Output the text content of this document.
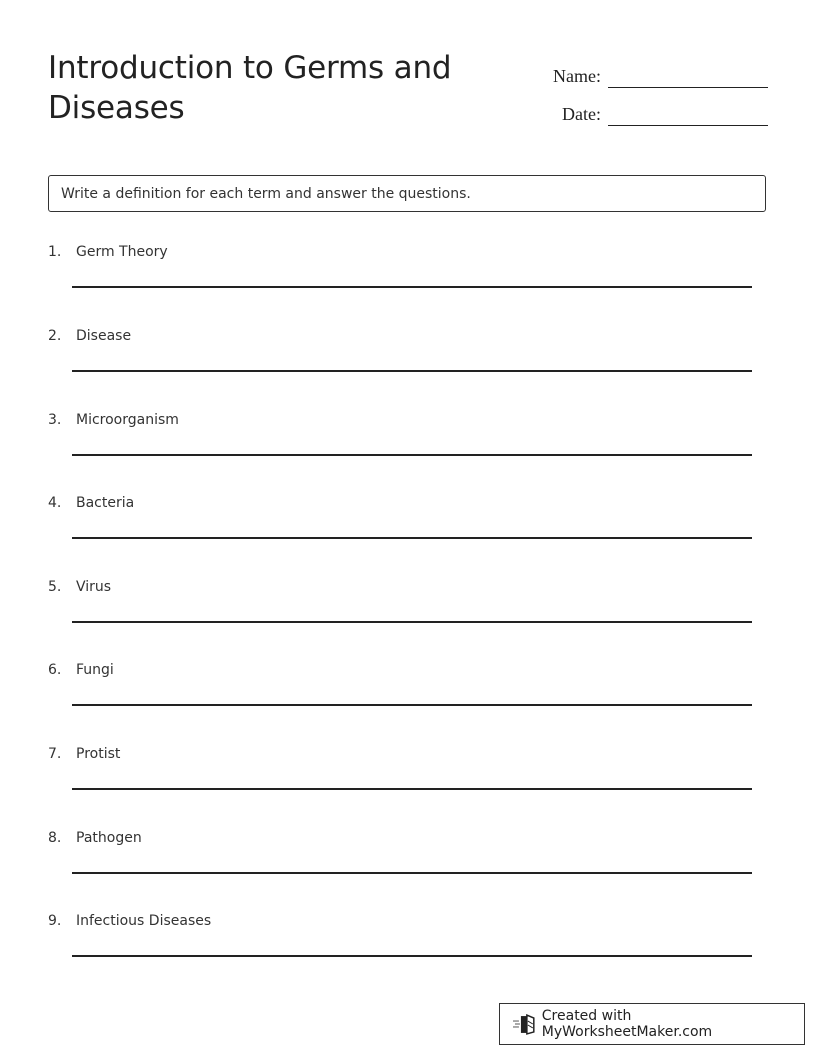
Introduction to Germs and Diseases
Name:
Date:
Write a definition for each term and answer the questions.
1. Germ Theory
2. Disease
3. Microorganism
4. Bacteria
5. Virus
6. Fungi
7. Protist
8. Pathogen
9. Infectious Diseases
Created with MyWorksheetMaker.com
